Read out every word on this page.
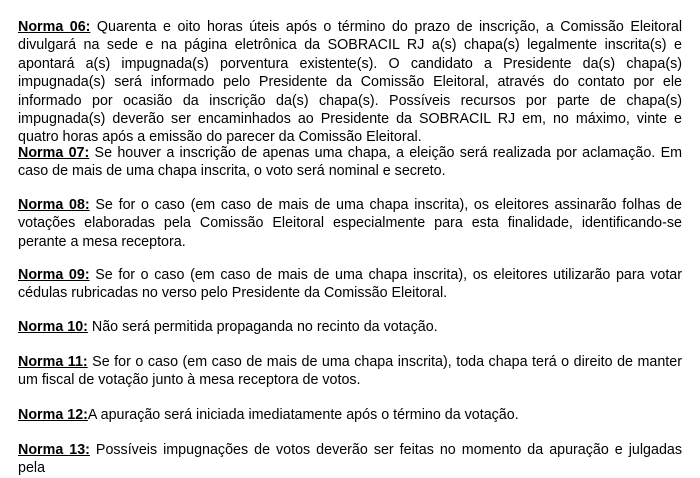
Norma 06: Quarenta e oito horas úteis após o término do prazo de inscrição, a Comissão Eleitoral divulgará na sede e na página eletrônica da SOBRACIL RJ a(s) chapa(s) legalmente inscrita(s) e apontará a(s) impugnada(s) porventura existente(s). O candidato a Presidente da(s) chapa(s) impugnada(s) será informado pelo Presidente da Comissão Eleitoral, através do contato por ele informado por ocasião da inscrição da(s) chapa(s). Possíveis recursos por parte de chapa(s) impugnada(s) deverão ser encaminhados ao Presidente da SOBRACIL RJ em, no máximo, vinte e quatro horas após a emissão do parecer da Comissão Eleitoral.

Norma 07: Se houver a inscrição de apenas uma chapa, a eleição será realizada por aclamação. Em caso de mais de uma chapa inscrita, o voto será nominal e secreto.

Norma 08: Se for o caso (em caso de mais de uma chapa inscrita), os eleitores assinarão folhas de votações elaboradas pela Comissão Eleitoral especialmente para esta finalidade, identificando-se perante a mesa receptora.

Norma 09: Se for o caso (em caso de mais de uma chapa inscrita), os eleitores utilizarão para votar cédulas rubricadas no verso pelo Presidente da Comissão Eleitoral.

Norma 10: Não será permitida propaganda no recinto da votação.

Norma 11: Se for o caso (em caso de mais de uma chapa inscrita), toda chapa terá o direito de manter um fiscal de votação junto à mesa receptora de votos.

Norma 12:A apuração será iniciada imediatamente após o término da votação.

Norma 13: Possíveis impugnações de votos deverão ser feitas no momento da apuração e julgadas pela
